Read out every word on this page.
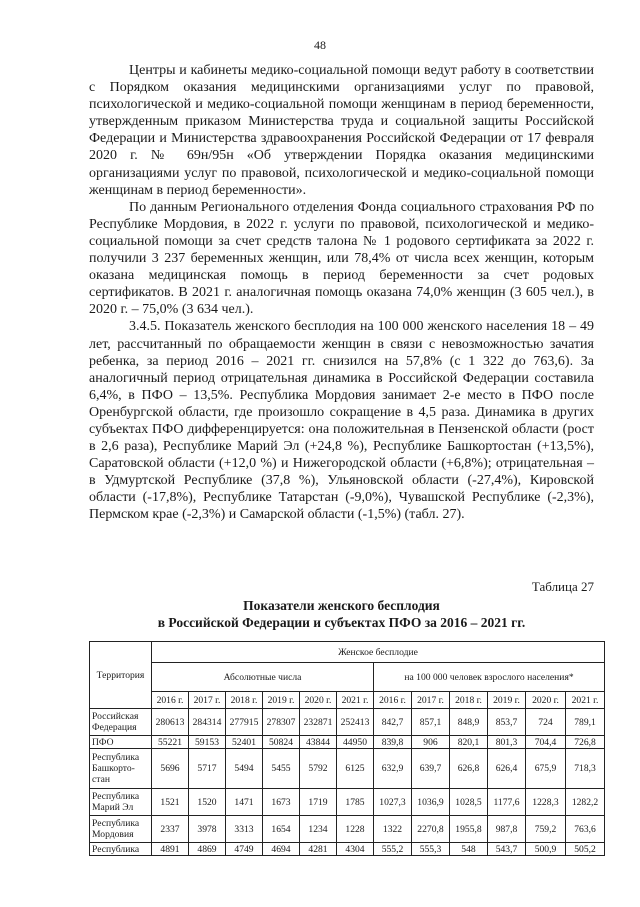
48

Центры и кабинеты медико-социальной помощи ведут работу в соответствии с Порядком оказания медицинскими организациями услуг по правовой, психологической и медико-социальной помощи женщинам в период беременности, утвержденным приказом Министерства труда и социальной защиты Российской Федерации и Министерства здравоохранения Российской Федерации от 17 февраля 2020 г. № 69н/95н «Об утверждении Порядка оказания медицинскими организациями услуг по правовой, психологической и медико-социальной помощи женщинам в период беременности».

По данным Регионального отделения Фонда социального страхования РФ по Республике Мордовия, в 2022 г. услуги по правовой, психологической и медико-социальной помощи за счет средств талона № 1 родового сертификата за 2022 г. получили 3 237 беременных женщин, или 78,4% от числа всех женщин, которым оказана медицинская помощь в период беременности за счет родовых сертификатов. В 2021 г. аналогичная помощь оказана 74,0% женщин (3 605 чел.), в 2020 г. – 75,0% (3 634 чел.).

3.4.5. Показатель женского бесплодия на 100 000 женского населения 18 – 49 лет, рассчитанный по обращаемости женщин в связи с невозможностью зачатия ребенка, за период 2016 – 2021 гг. снизился на 57,8% (с 1 322 до 763,6). За аналогичный период отрицательная динамика в Российской Федерации составила 6,4%, в ПФО – 13,5%. Республика Мордовия занимает 2-е место в ПФО после Оренбургской области, где произошло сокращение в 4,5 раза. Динамика в других субъектах ПФО дифференцируется: она положительная в Пензенской области (рост в 2,6 раза), Республике Марий Эл (+24,8 %), Республике Башкортостан (+13,5%), Саратовской области (+12,0 %) и Нижегородской области (+6,8%); отрицательная – в Удмуртской Республике (37,8 %), Ульяновской области (-27,4%), Кировской области (-17,8%), Республике Татарстан (-9,0%), Чувашской Республике (-2,3%), Пермском крае (-2,3%) и Самарской области (-1,5%) (табл. 27).

Таблица 27
Показатели женского бесплодия
в Российской Федерации и субъектах ПФО за 2016 – 2021 гг.
Территория	Женское бесплодие											
	Абсолютные числа						на 100 000 человек взрослого населения*					
	2016 г.	2017 г.	2018 г.	2019 г.	2020 г.	2021 г.	2016 г.	2017 г.	2018 г.	2019 г.	2020 г.	2021 г.
Российская Федерация	280613	284314	277915	278307	232871	252413	842,7	857,1	848,9	853,7	724	789,1
ПФО	55221	59153	52401	50824	43844	44950	839,8	906	820,1	801,3	704,4	726,8
Республика Башкорто-стан	5696	5717	5494	5455	5792	6125	632,9	639,7	626,8	626,4	675,9	718,3
Республика Марий Эл	1521	1520	1471	1673	1719	1785	1027,3	1036,9	1028,5	1177,6	1228,3	1282,2
Республика Мордовия	2337	3978	3313	1654	1234	1228	1322	2270,8	1955,8	987,8	759,2	763,6
Республика	4891	4869	4749	4694	4281	4304	555,2	555,3	548	543,7	500,9	505,2
